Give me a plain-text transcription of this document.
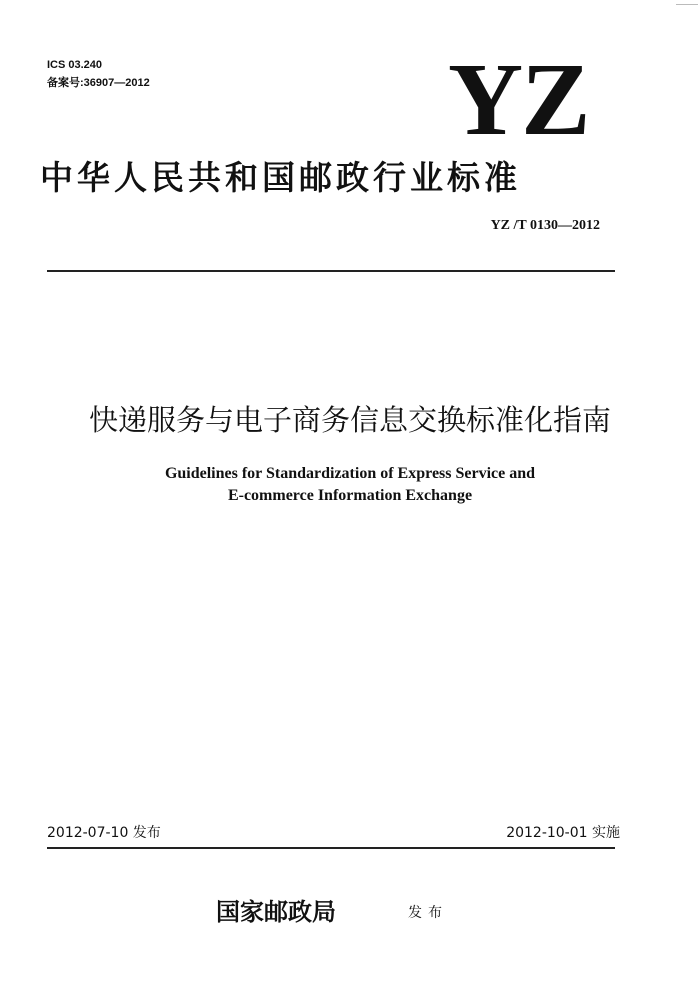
ICS 03.240
备案号:36907—2012	YZ
中华人民共和国邮政行业标准
YZ /T 0130—2012
快递服务与电子商务信息交换标准化指南
Guidelines for Standardization of Express Service and
E-commerce Information Exchange
2012-07-10 发布	2012-10-01 实施
国家邮政局	发布
